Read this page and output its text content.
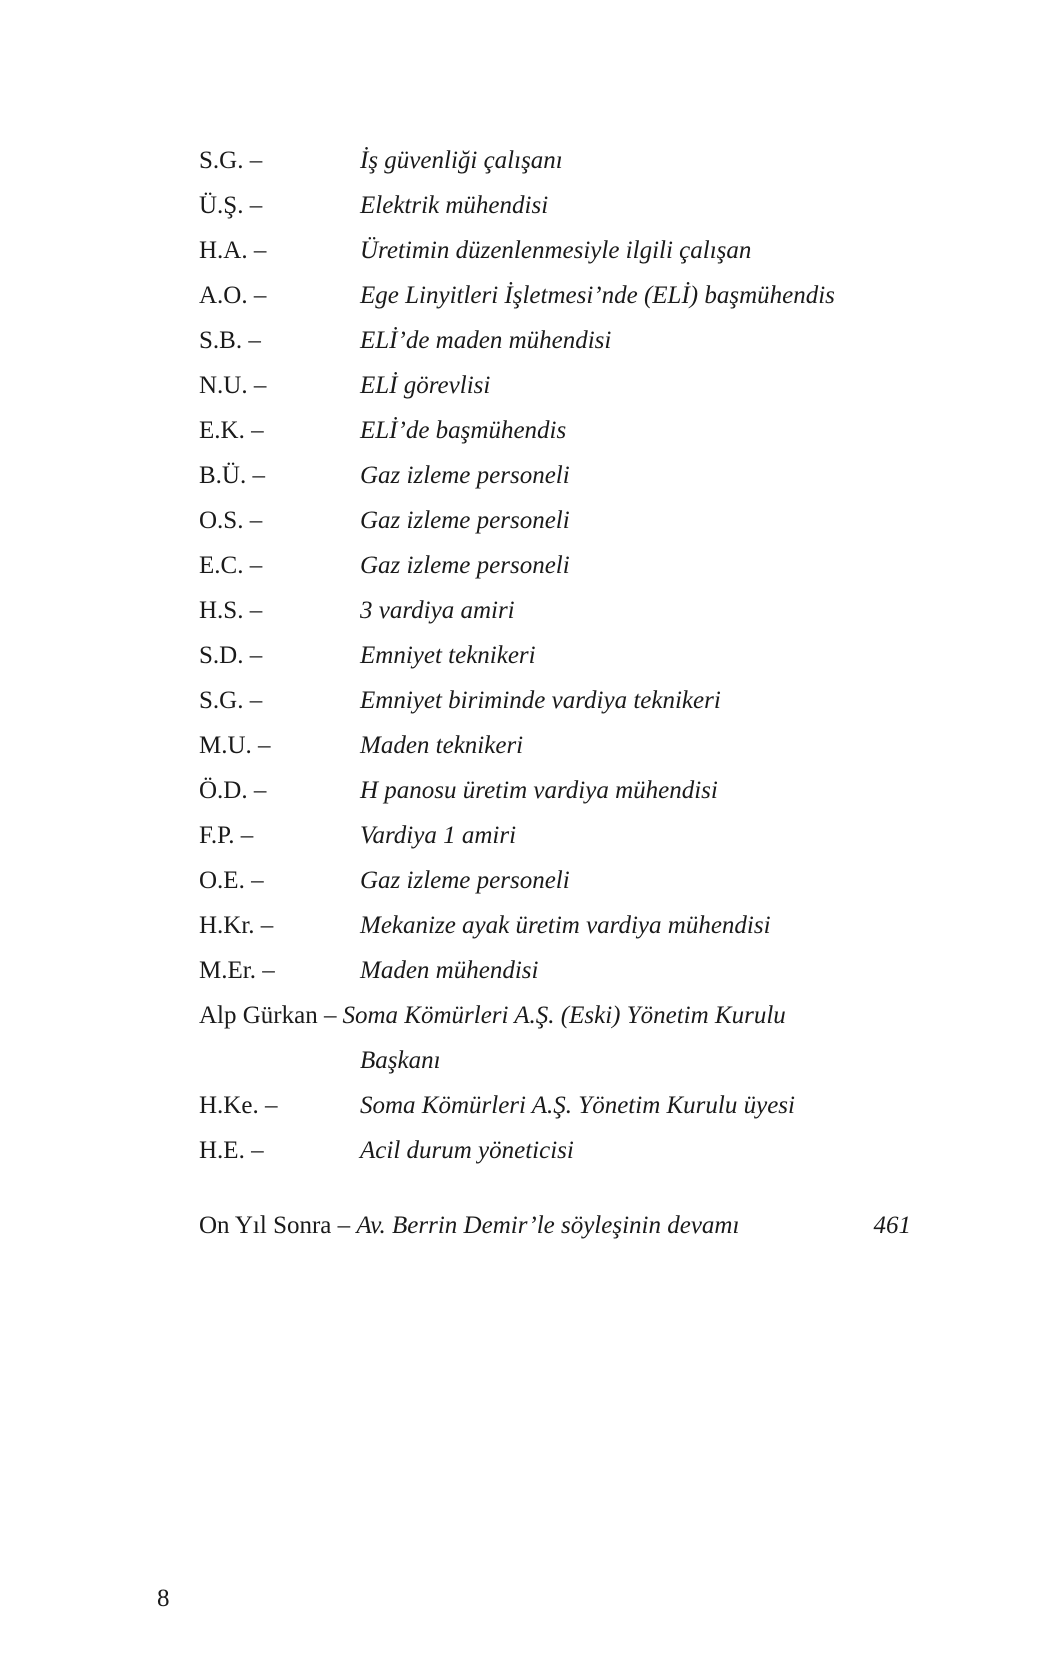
S.G. –	İş güvenliği çalışanı
Ü.Ş. –	Elektrik mühendisi
H.A. –	Üretimin düzenlenmesiyle ilgili çalışan
A.O. –	Ege Linyitleri İşletmesi’nde (ELİ) başmühendis
S.B. –	ELİ’de maden mühendisi
N.U. –	ELİ görevlisi
E.K. –	ELİ’de başmühendis
B.Ü. –	Gaz izleme personeli
O.S. –	Gaz izleme personeli
E.C. –	Gaz izleme personeli
H.S. –	3 vardiya amiri
S.D. –	Emniyet teknikeri
S.G. –	Emniyet biriminde vardiya teknikeri
M.U. –	Maden teknikeri
Ö.D. –	H panosu üretim vardiya mühendisi
F.P. –	Vardiya 1 amiri
O.E. –	Gaz izleme personeli
H.Kr. –	Mekanize ayak üretim vardiya mühendisi
M.Er. –	Maden mühendisi
Alp Gürkan – Soma Kömürleri A.Ş. (Eski) Yönetim Kurulu
Başkanı
H.Ke. –	Soma Kömürleri A.Ş. Yönetim Kurulu üyesi
H.E. –	Acil durum yöneticisi
On Yıl Sonra – Av. Berrin Demir’le söyleşinin devamı	461
8
